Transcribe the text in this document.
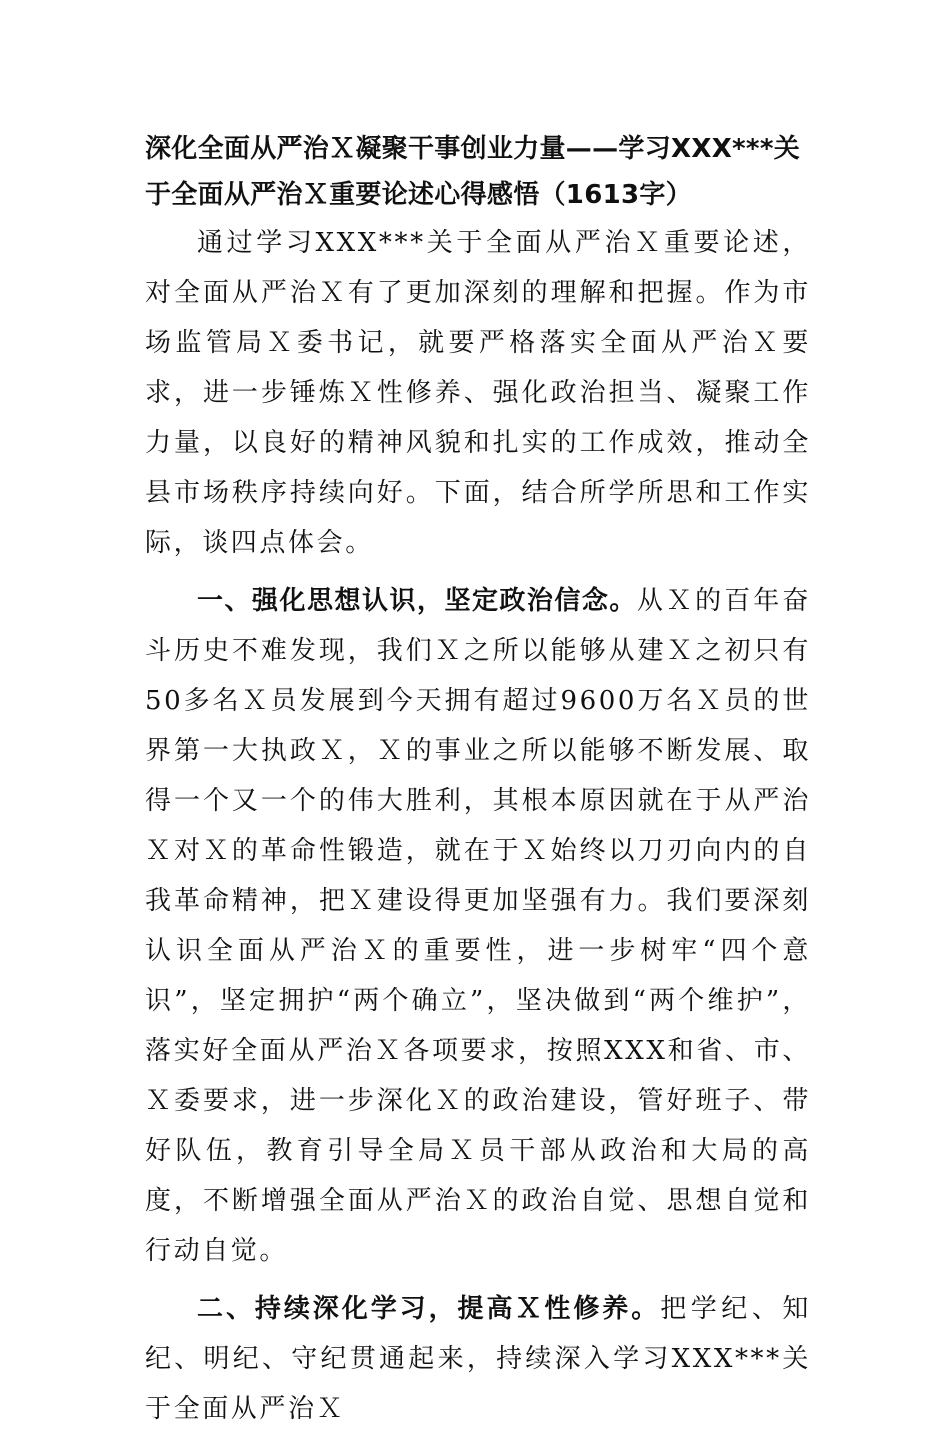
深化全面从严治Ｘ凝聚干事创业力量——学习XXX***关于全面从严治Ｘ重要论述心得感悟（1613字）

通过学习XXX***关于全面从严治Ｘ重要论述，对全面从严治Ｘ有了更加深刻的理解和把握。作为市场监管局Ｘ委书记，就要严格落实全面从严治Ｘ要求，进一步锤炼Ｘ性修养、强化政治担当、凝聚工作力量，以良好的精神风貌和扎实的工作成效，推动全县市场秩序持续向好。下面，结合所学所思和工作实际，谈四点体会。

一、强化思想认识，坚定政治信念。从Ｘ的百年奋斗历史不难发现，我们Ｘ之所以能够从建Ｘ之初只有50多名Ｘ员发展到今天拥有超过9600万名Ｘ员的世界第一大执政Ｘ，Ｘ的事业之所以能够不断发展、取得一个又一个的伟大胜利，其根本原因就在于从严治Ｘ对Ｘ的革命性锻造，就在于Ｘ始终以刀刃向内的自我革命精神，把Ｘ建设得更加坚强有力。我们要深刻认识全面从严治Ｘ的重要性，进一步树牢“四个意识”，坚定拥护“两个确立”，坚决做到“两个维护”，落实好全面从严治Ｘ各项要求，按照XXX和省、市、Ｘ委要求，进一步深化Ｘ的政治建设，管好班子、带好队伍，教育引导全局Ｘ员干部从政治和大局的高度，不断增强全面从严治Ｘ的政治自觉、思想自觉和行动自觉。

二、持续深化学习，提高Ｘ性修养。把学纪、知纪、明纪、守纪贯通起来，持续深入学习XXX***关于全面从严治Ｘ
